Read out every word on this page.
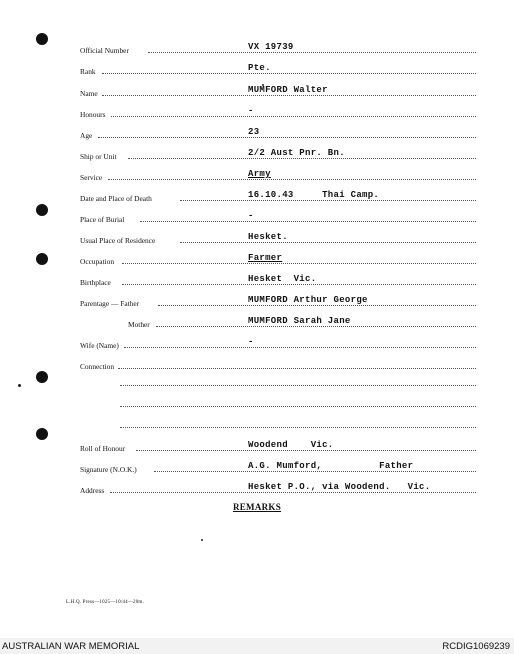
Official Number	VX 19739
Rank	Pte.
Name	MUMFORD Walter
Honours	-
Age	23
Ship or Unit	2/2 Aust Pnr. Bn.
Service	Army
Date and Place of Death	16.10.43     Thai Camp.
Place of Burial	-
Usual Place of Residence	Hesket.
Occupation	Farmer
Birthplace	Hesket  Vic.
Parentage — Father	MUMFORD Arthur George
Mother	MUMFORD Sarah Jane
Wife (Name)	-
Connection
Roll of Honour	Woodend    Vic.
Signature (N.O.K.)	A.G. Mumford,          Father
Address	Hesket P.O., via Woodend.   Vic.
REMARKS
L.H.Q. Press—1025—10/44—20m.
AUSTRALIAN WAR MEMORIAL	RCDIG1069239
